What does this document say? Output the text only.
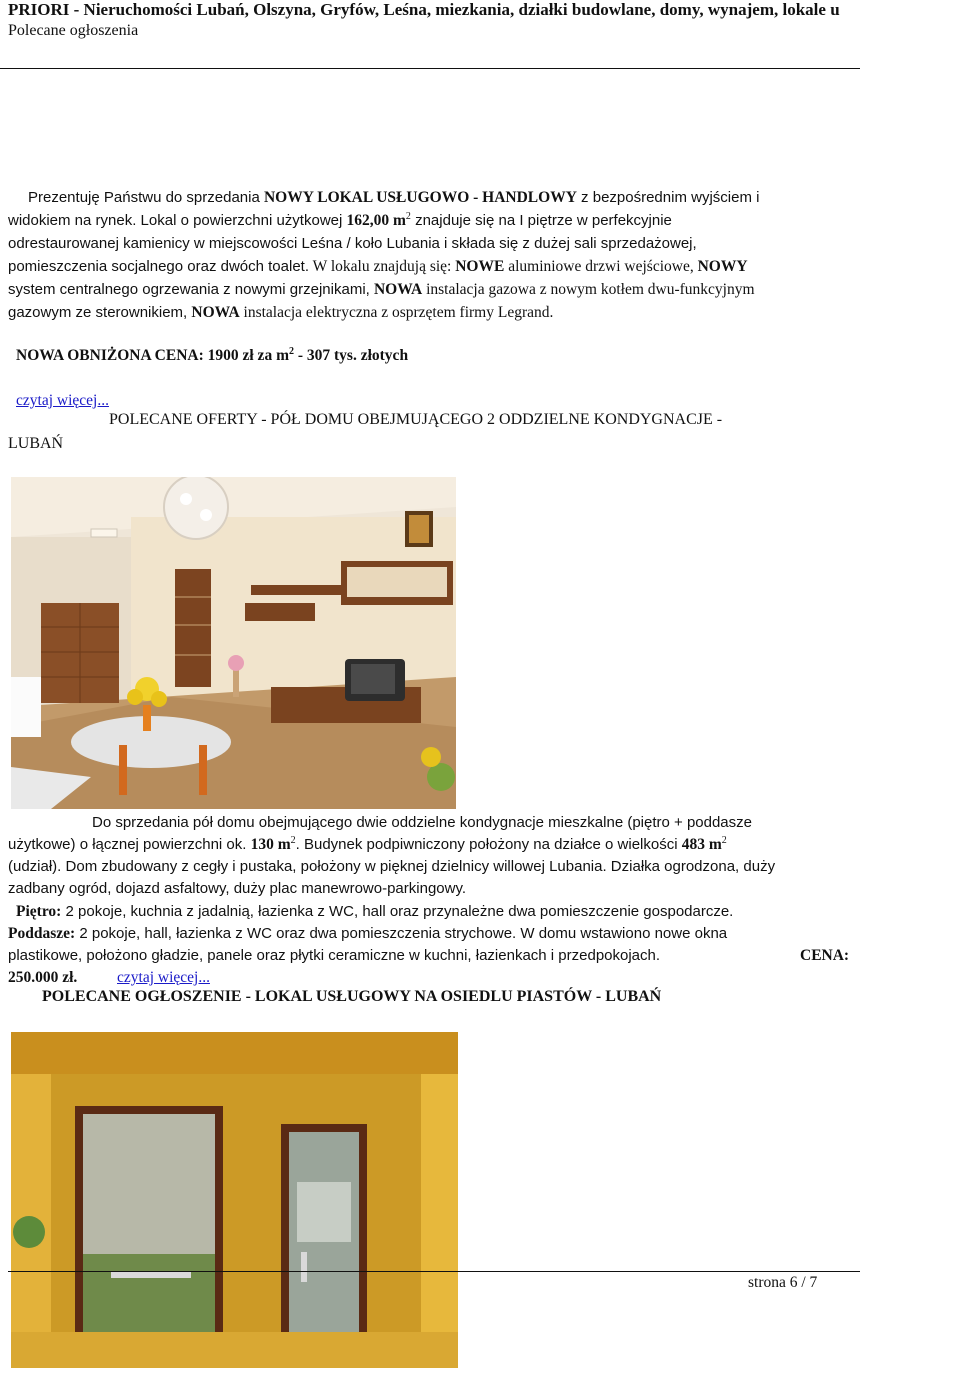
PRIORI - Nieruchomości Lubań, Olszyna, Gryfów, Leśna, miezkania, działki budowlane, domy, wynajem, lokale u
Polecane ogłoszenia
Prezentuję Państwu do sprzedania NOWY LOKAL USŁUGOWO - HANDLOWY z bezpośrednim wyjściem i
widokiem na rynek. Lokal o powierzchni użytkowej 162,00 $m^2$ znajduje się na I piętrze w perfekcyjnie
odrestaurowanej kamienicy w miejscowości Leśna / koło Lubania i składa się z dużej sali sprzedażowej,
pomieszczenia socjalnego oraz dwóch toalet. W lokalu znajdują się: NOWE aluminiowe drzwi wejściowe, NOWY
system centralnego ogrzewania z nowymi grzejnikami, NOWA instalacja gazowa z nowym kotłem dwu-funkcyjnym
gazowym ze sterownikiem, NOWA instalacja elektryczna z osprzętem firmy Legrand.
NOWA OBNIŻONA CENA: 1900 zł za $m^2 - 307$ tys. złotych
czytaj więcej...
POLECANE OFERTY - PÓŁ DOMU OBEJMUJĄCEGO 2 ODDZIELNE KONDYGNACJE -
LUBAŃ
Do sprzedania pół domu obejmującego dwie oddzielne kondygnacje mieszkalne (piętro + poddasze
użytkowe) o łącznej powierzchni ok. 130 $m^2$. Budynek podpiwniczony położony na działce o wielkości 483 $m^2$
(udział). Dom zbudowany z cegły i pustaka, położony w pięknej dzielnicy willowej Lubania. Działka ogrodzona, duży
zadbany ogród, dojazd asfaltowy, duży plac manewrowo-parkingowy.
Piętro: 2 pokoje, kuchnia z jadalnią, łazienka z WC, hall oraz przynależne dwa pomieszczenie gospodarcze.
Poddasze: 2 pokoje, hall, łazienka z WC oraz dwa pomieszczenia strychowe. W domu wstawiono nowe okna
plastikowe, położono gładzie, panele oraz płytki ceramiczne w kuchni, łazienkach i przedpokojach.	CENA:
250.000 zł.	czytaj więcej...
POLECANE OGŁOSZENIE - LOKAL USŁUGOWY NA OSIEDLU PIASTÓW - LUBAŃ
strona 6 / 7
